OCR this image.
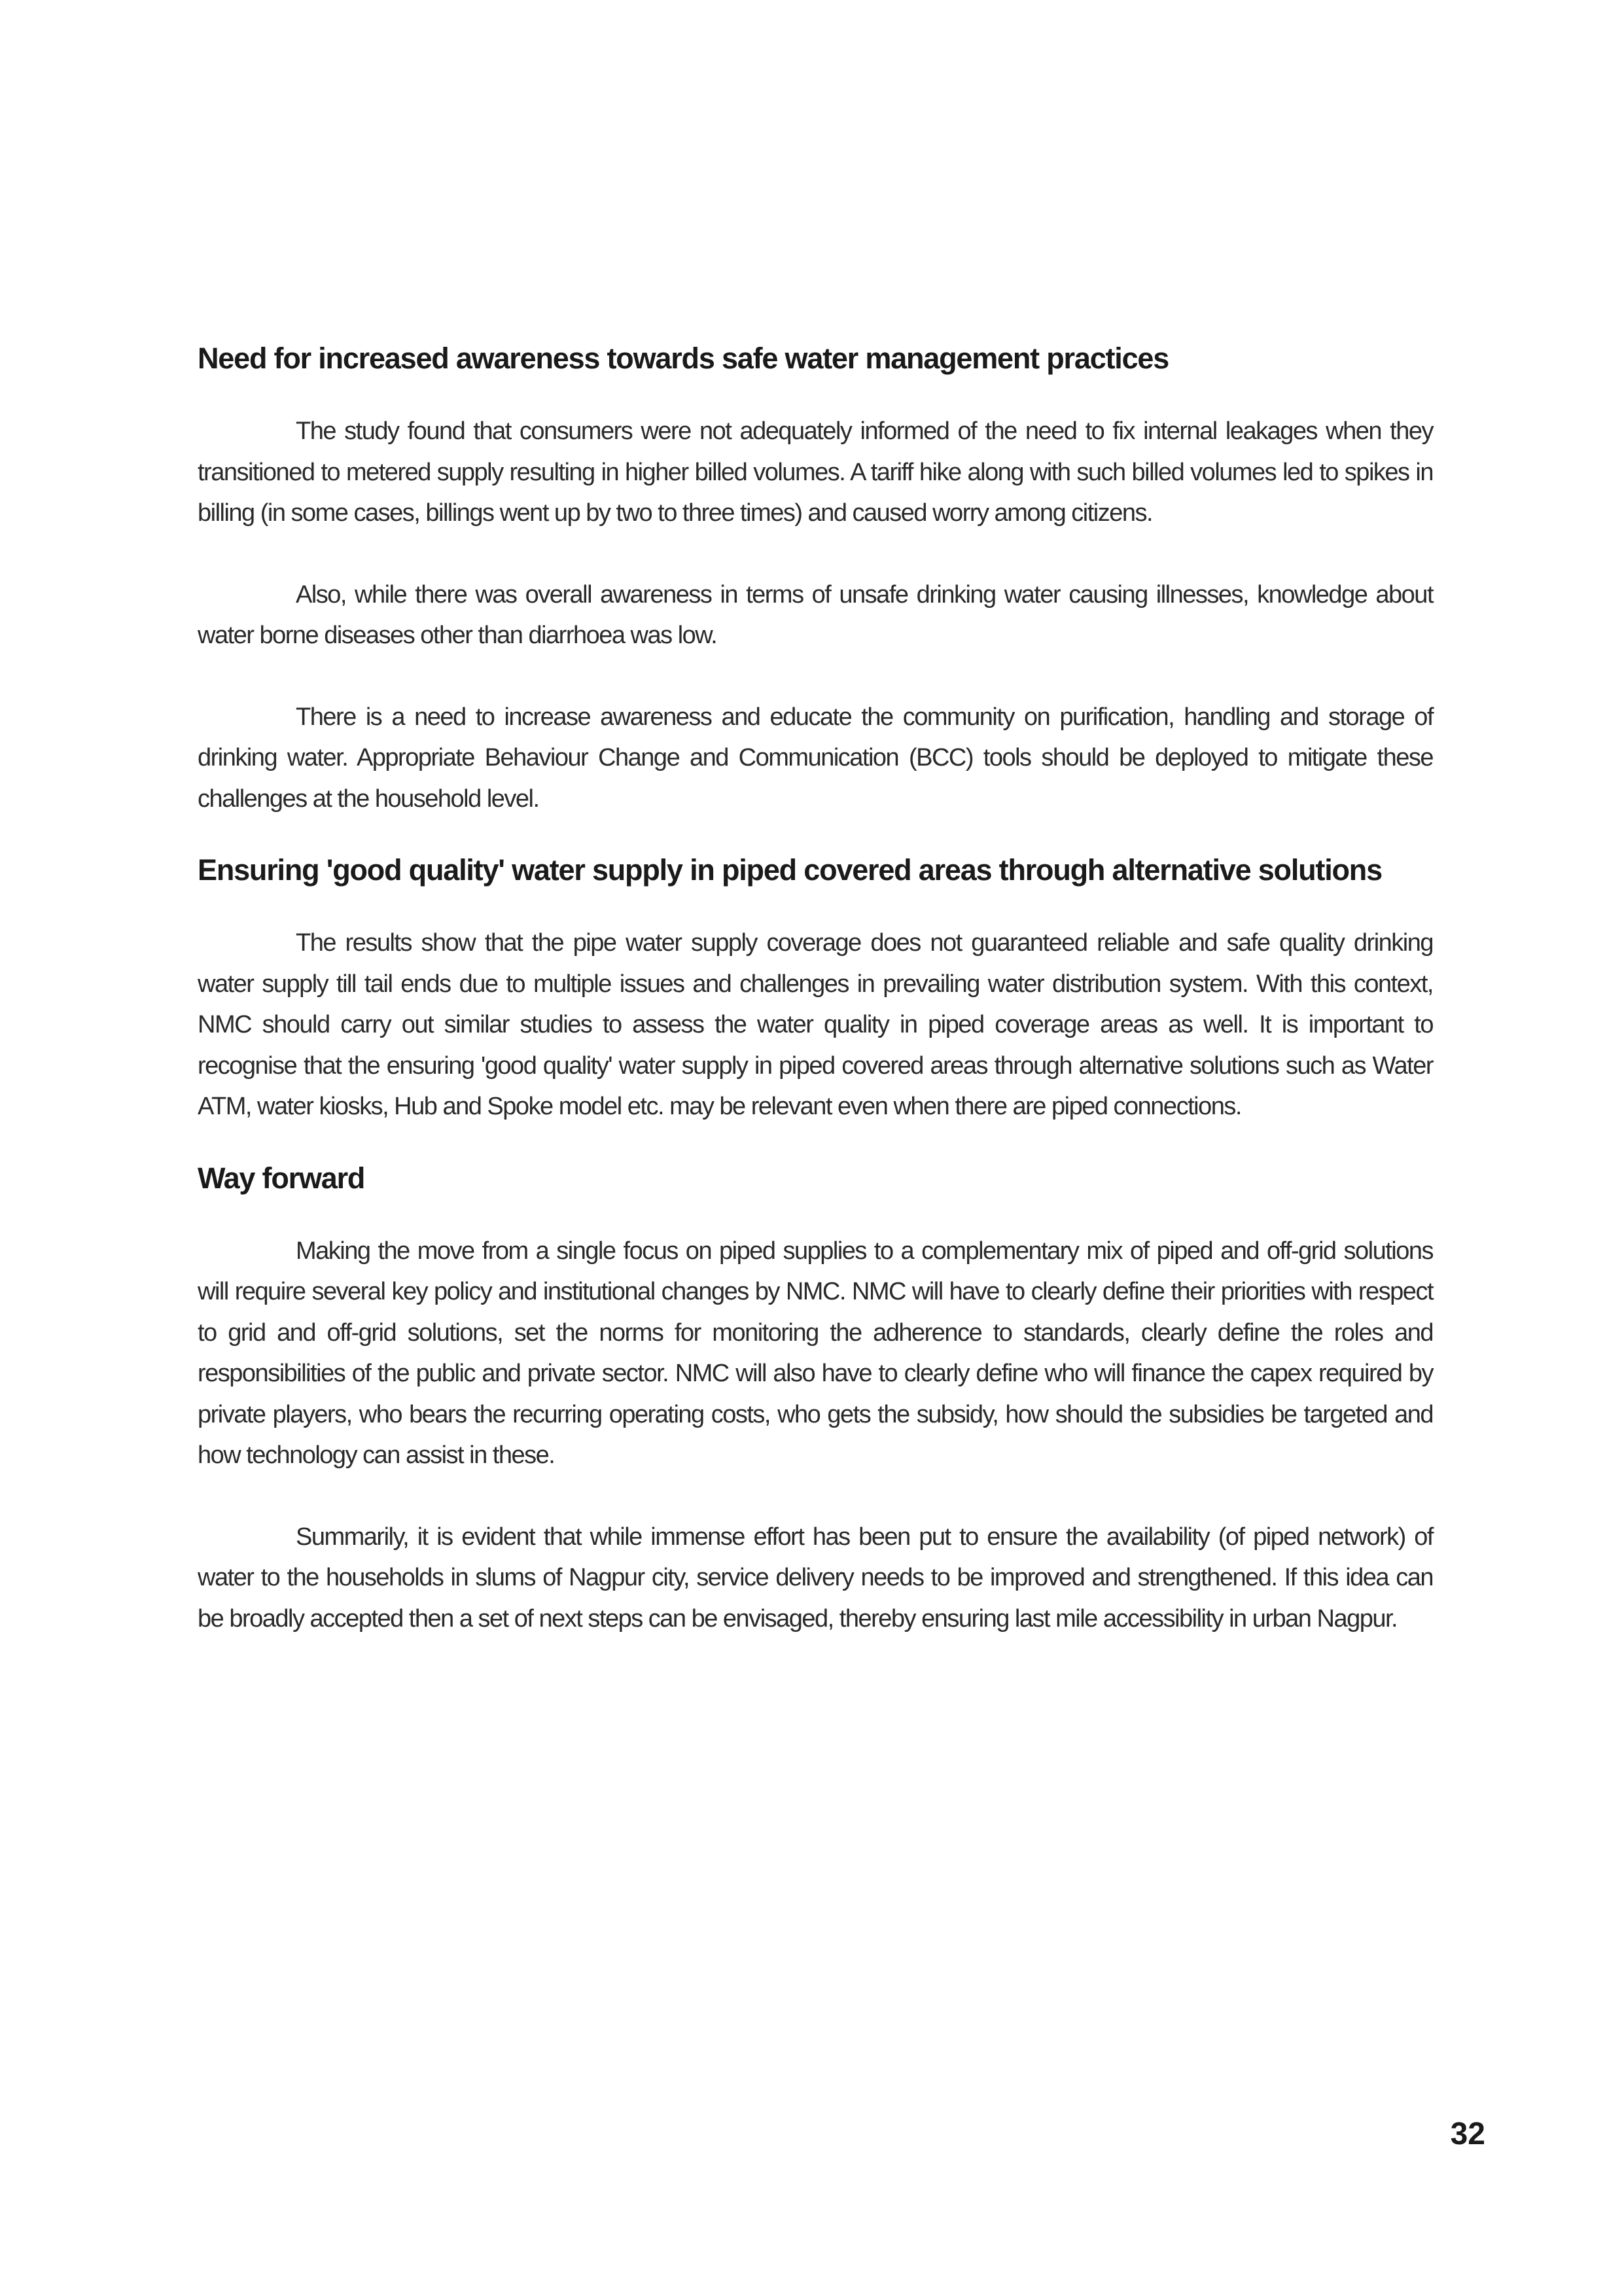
Need for increased awareness towards safe water management practices

The study found that consumers were not adequately informed of the need to fix internal leakages when they transitioned to metered supply resulting in higher billed volumes. A tariff hike along with such billed volumes led to spikes in billing (in some cases, billings went up by two to three times) and caused worry among citizens.

Also, while there was overall awareness in terms of unsafe drinking water causing illnesses, knowledge about water borne diseases other than diarrhoea was low.

There is a need to increase awareness and educate the community on purification, handling and storage of drinking water. Appropriate Behaviour Change and Communication (BCC) tools should be deployed to mitigate these challenges at the household level.

Ensuring 'good quality' water supply in piped covered areas through alternative solutions

The results show that the pipe water supply coverage does not guaranteed reliable and safe quality drinking water supply till tail ends due to multiple issues and challenges in prevailing water distribution system. With this context, NMC should carry out similar studies to assess the water quality in piped coverage areas as well. It is important to recognise that the ensuring 'good quality' water supply in piped covered areas through alternative solutions such as Water ATM, water kiosks, Hub and Spoke model etc. may be relevant even when there are piped connections.

Way forward

Making the move from a single focus on piped supplies to a complementary mix of piped and off-grid solutions will require several key policy and institutional changes by NMC. NMC will have to clearly define their priorities with respect to grid and off-grid solutions, set the norms for monitoring the adherence to standards, clearly define the roles and responsibilities of the public and private sector. NMC will also have to clearly define who will finance the capex required by private players, who bears the recurring operating costs, who gets the subsidy, how should the subsidies be targeted and how technology can assist in these.

Summarily, it is evident that while immense effort has been put to ensure the availability (of piped network) of water to the households in slums of Nagpur city, service delivery needs to be improved and strengthened. If this idea can be broadly accepted then a set of next steps can be envisaged, thereby ensuring last mile accessibility in urban Nagpur.

32
